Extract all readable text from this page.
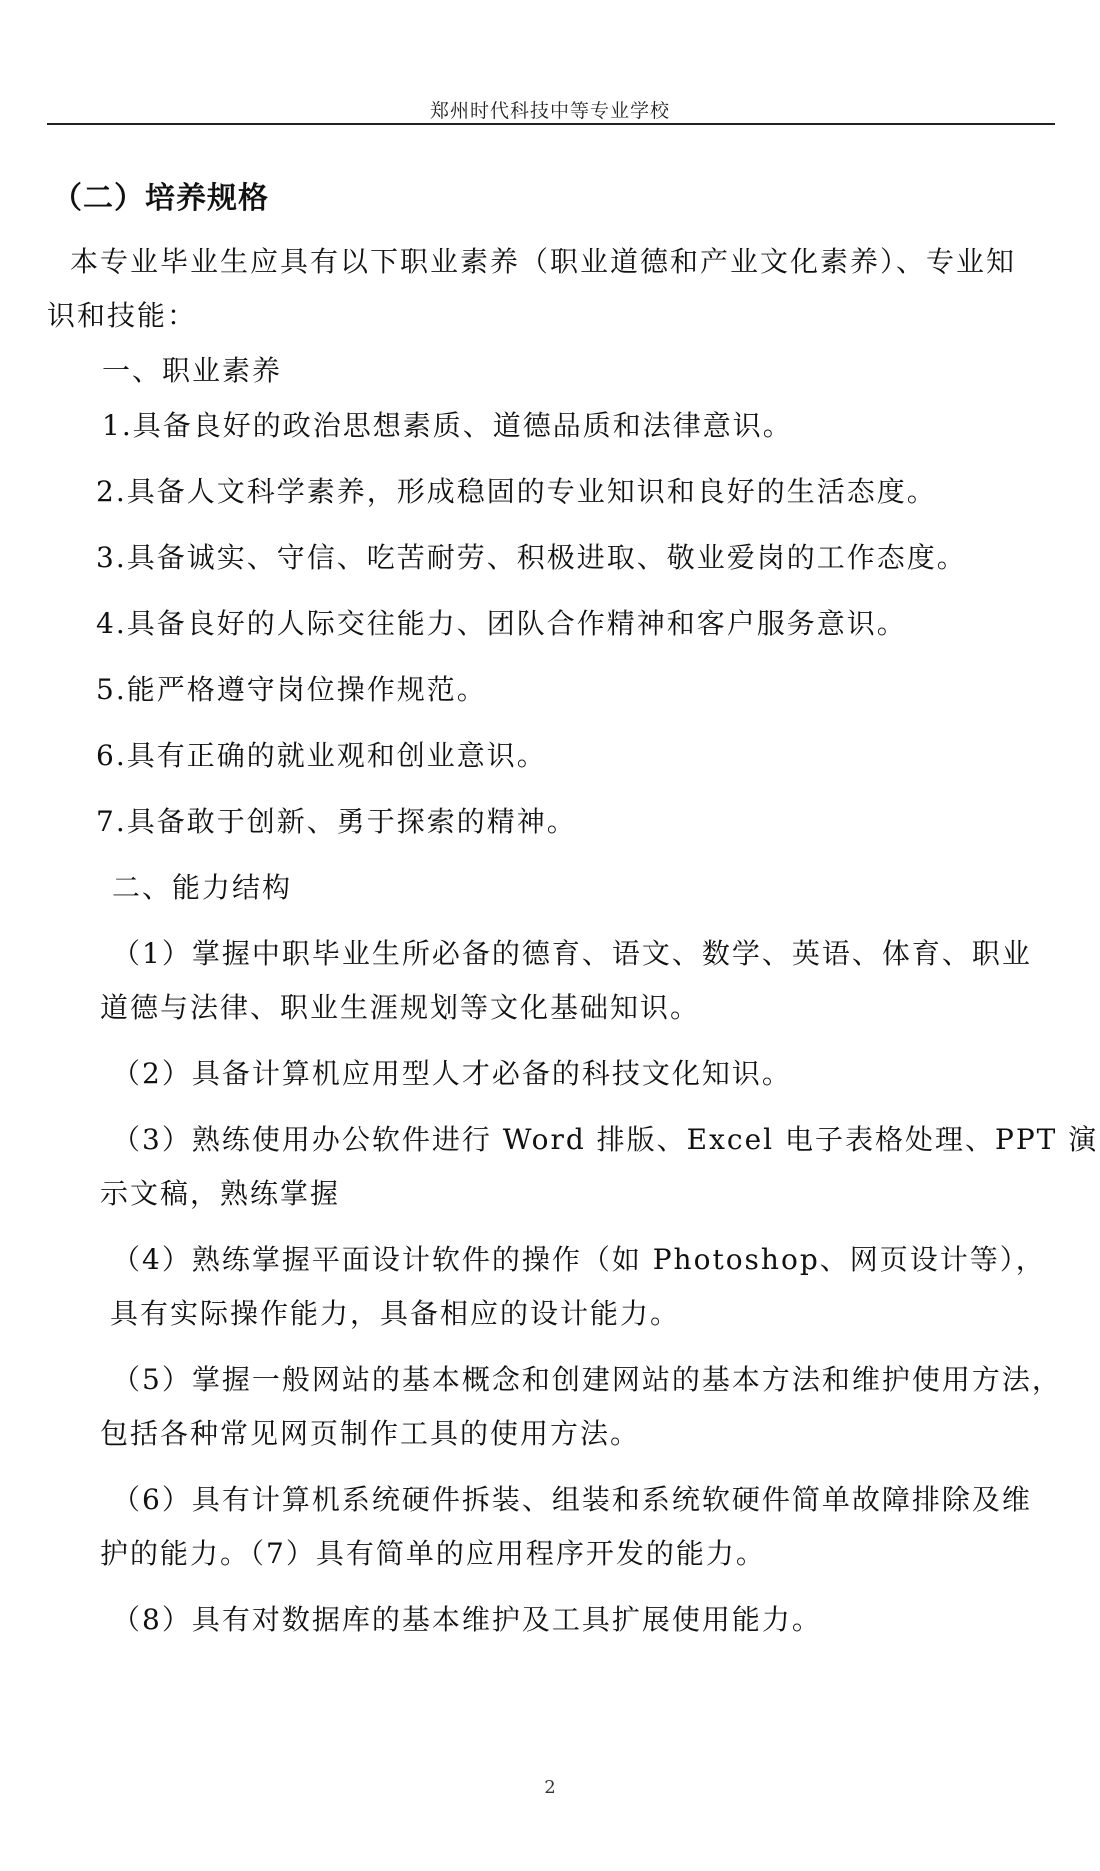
郑州时代科技中等专业学校
（二）培养规格
本专业毕业生应具有以下职业素养（职业道德和产业文化素养）、专业知
识和技能：
一、职业素养
1.具备良好的政治思想素质、道德品质和法律意识。
2.具备人文科学素养，形成稳固的专业知识和良好的生活态度。
3.具备诚实、守信、吃苦耐劳、积极进取、敬业爱岗的工作态度。
4.具备良好的人际交往能力、团队合作精神和客户服务意识。
5.能严格遵守岗位操作规范。
6.具有正确的就业观和创业意识。
7.具备敢于创新、勇于探索的精神。
二、能力结构
（1）掌握中职毕业生所必备的德育、语文、数学、英语、体育、职业
道德与法律、职业生涯规划等文化基础知识。
（2）具备计算机应用型人才必备的科技文化知识。
（3）熟练使用办公软件进行 Word 排版、Excel 电子表格处理、PPT 演
示文稿，熟练掌握
（4）熟练掌握平面设计软件的操作（如 Photoshop、网页设计等），
具有实际操作能力，具备相应的设计能力。
（5）掌握一般网站的基本概念和创建网站的基本方法和维护使用方法，
包括各种常见网页制作工具的使用方法。
（6）具有计算机系统硬件拆装、组装和系统软硬件简单故障排除及维
护的能力。（7）具有简单的应用程序开发的能力。
（8）具有对数据库的基本维护及工具扩展使用能力。
2
